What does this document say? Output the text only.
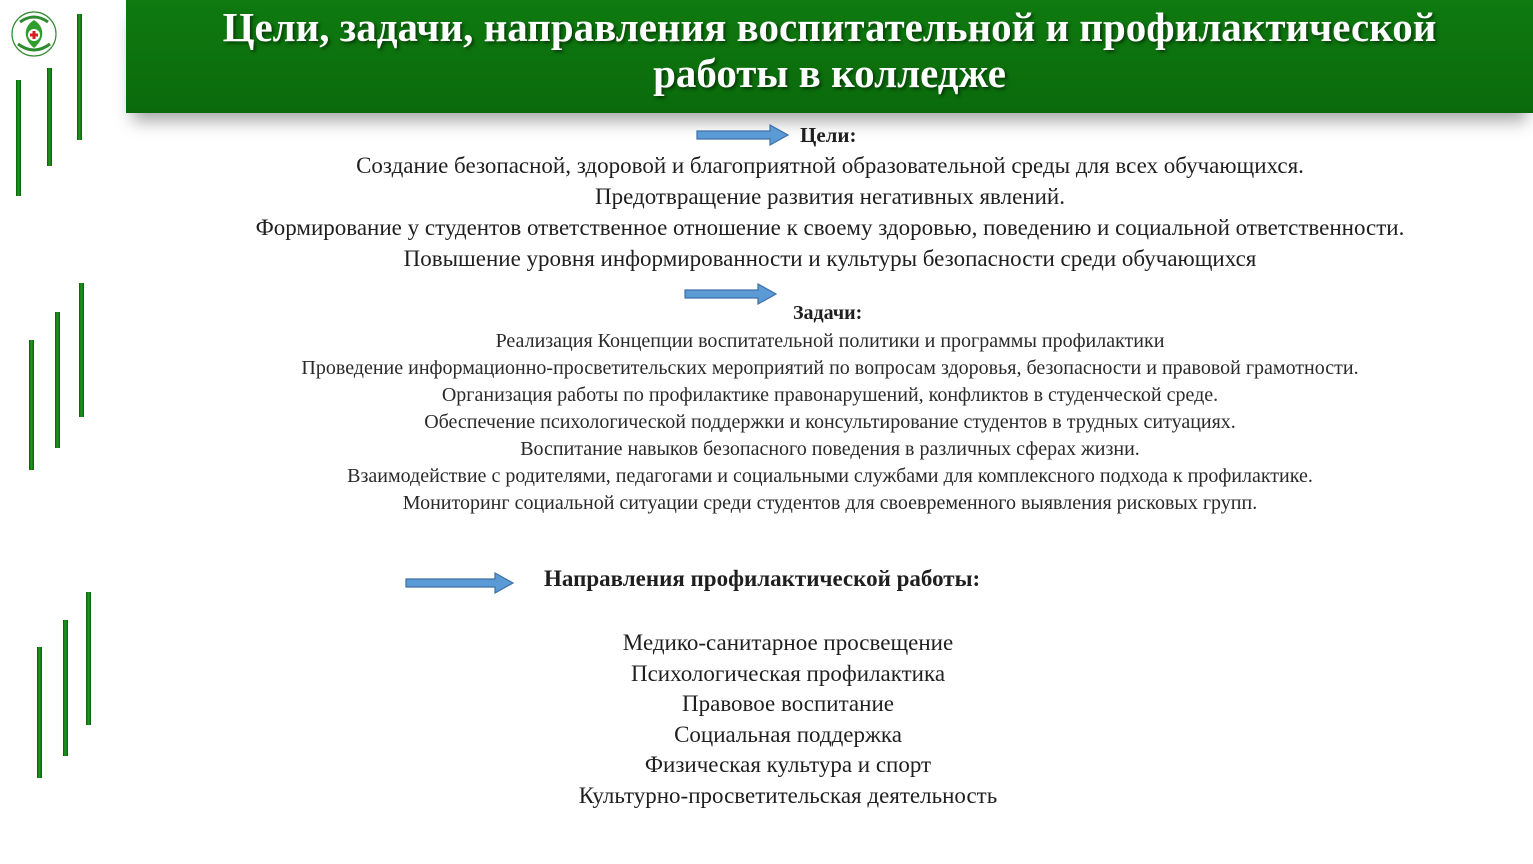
Цели, задачи, направления воспитательной и профилактической
работы в колледже

Цели:

Создание безопасной, здоровой и благоприятной образовательной среды для всех обучающихся.
Предотвращение развития негативных явлений.
Формирование у студентов ответственное отношение к своему здоровью, поведению и социальной ответственности.
Повышение уровня информированности и культуры безопасности среди обучающихся

Задачи:

Реализация Концепции воспитательной политики и программы профилактики
Проведение информационно-просветительских мероприятий по вопросам здоровья, безопасности и правовой грамотности.
Организация работы по профилактике правонарушений, конфликтов в студенческой среде.
Обеспечение психологической поддержки и консультирование студентов в трудных ситуациях.
Воспитание навыков безопасного поведения в различных сферах жизни.
Взаимодействие с родителями, педагогами и социальными службами для комплексного подхода к профилактике.
Мониторинг социальной ситуации среди студентов для своевременного выявления рисковых групп.

Направления профилактической работы:

Медико-санитарное просвещение
Психологическая профилактика
Правовое воспитание
Социальная поддержка
Физическая культура и спорт
Культурно-просветительская деятельность
